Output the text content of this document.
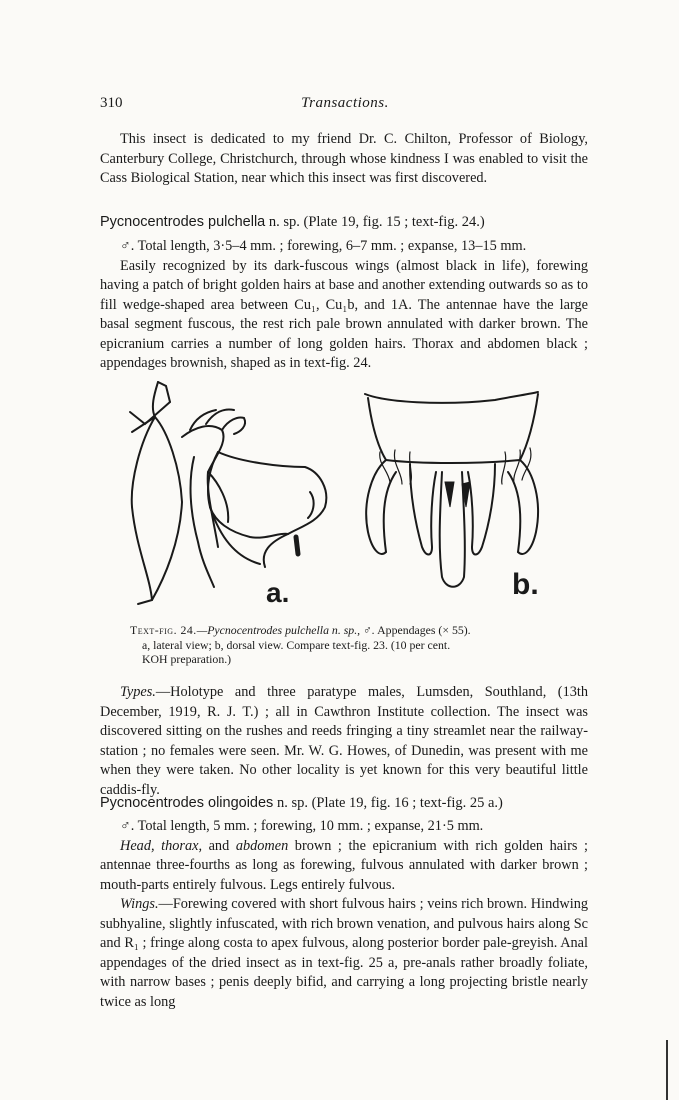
310	Transactions.

This insect is dedicated to my friend Dr. C. Chilton, Professor of Biology, Canterbury College, Christchurch, through whose kindness I was enabled to visit the Cass Biological Station, near which this insect was first discovered.

Pycnocentrodes pulchella n. sp. (Plate 19, fig. 15 ; text-fig. 24.)

♂. Total length, 3·5–4 mm. ; forewing, 6–7 mm. ; expanse, 13–15 mm.

Easily recognized by its dark-fuscous wings (almost black in life), forewing having a patch of bright golden hairs at base and another extending outwards so as to fill wedge-shaped area between Cu₁, Cu₁b, and 1A. The antennae have the large basal segment fuscous, the rest rich pale brown annulated with darker brown. The epicranium carries a number of long golden hairs. Thorax and abdomen black ; appendages brownish, shaped as in text-fig. 24.

a.	b.
Text-fig. 24.—Pycnocentrodes pulchella n. sp., ♂. Appendages (× 55).
a, lateral view; b, dorsal view. Compare text-fig. 23. (10 per cent.
KOH preparation.)

Types.—Holotype and three paratype males, Lumsden, Southland, (13th December, 1919, R. J. T.) ; all in Cawthron Institute collection. The insect was discovered sitting on the rushes and reeds fringing a tiny streamlet near the railway-station ; no females were seen. Mr. W. G. Howes, of Dunedin, was present with me when they were taken. No other locality is yet known for this very beautiful little caddis-fly.

Pycnocentrodes olingoides n. sp. (Plate 19, fig. 16 ; text-fig. 25 a.)

♂. Total length, 5 mm. ; forewing, 10 mm. ; expanse, 21·5 mm.

Head, thorax, and abdomen brown ; the epicranium with rich golden hairs ; antennae three-fourths as long as forewing, fulvous annulated with darker brown ; mouth-parts entirely fulvous. Legs entirely fulvous.

Wings.—Forewing covered with short fulvous hairs ; veins rich brown. Hindwing subhyaline, slightly infuscated, with rich brown venation, and pulvous hairs along Sc and R₁ ; fringe along costa to apex fulvous, along posterior border pale-greyish. Anal appendages of the dried insect as in text-fig. 25 a, pre-anals rather broadly foliate, with narrow bases ; penis deeply bifid, and carrying a long projecting bristle nearly twice as long
